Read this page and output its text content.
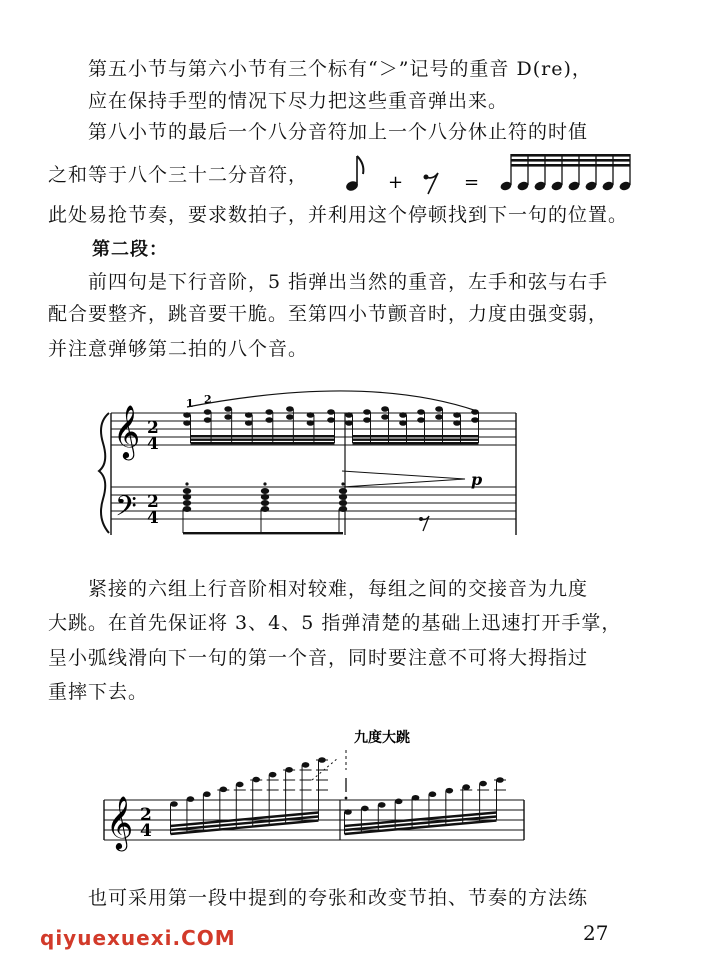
第五小节与第六小节有三个标有“＞”记号的重音 D(re)，
应在保持手型的情况下尽力把这些重音弹出来。
第八小节的最后一个八分音符加上一个八分休止符的时值
之和等于八个三十二分音符，	+	=
此处易抢节奏，要求数拍子，并利用这个停顿找到下一句的位置。
第二段：
前四句是下行音阶，5 指弹出当然的重音，左手和弦与右手
配合要整齐，跳音要干脆。至第四小节颤音时，力度由强变弱，
并注意弹够第二拍的八个音。
𝄞
𝄢
2
4
2
4
1 2
p
紧接的六组上行音阶相对较难，每组之间的交接音为九度
大跳。在首先保证将 3、4、5 指弹清楚的基础上迅速打开手掌，
呈小弧线滑向下一句的第一个音，同时要注意不可将大拇指过
重摔下去。
九度大跳
𝄞 2
4
也可采用第一段中提到的夸张和改变节拍、节奏的方法练
qiyuexuexi.COM	27
